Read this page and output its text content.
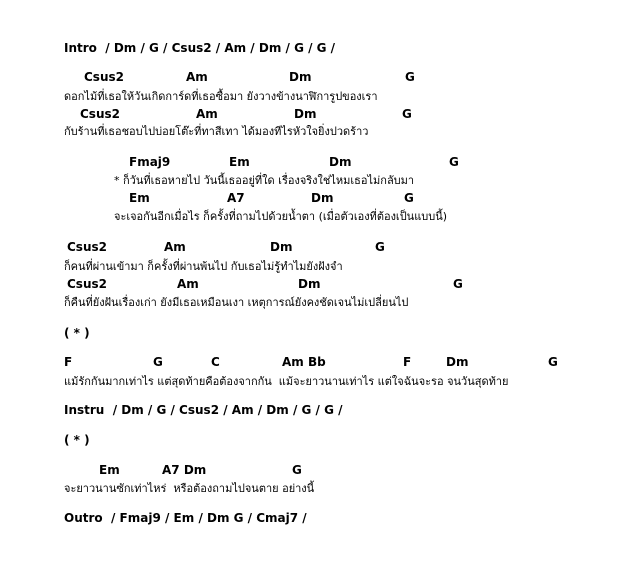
Intro  / Dm / G / Csus2 / Am / Dm / G / G /
Csus2	Am	Dm	G
ดอกไม้ที่เธอให้วันเกิดการ์ดที่เธอซื้อมา ยังวางข้างนาฬิการูปของเรา
Csus2	Am	Dm	G
กับร้านที่เธอชอบไปบ่อยโต๊ะที่ทาสีเทา ได้มองทีไรหัวใจยิ่งปวดร้าว
Fmaj9	Em	Dm	G
* ก็วันที่เธอหายไป วันนี้เธออยู่ที่ใด เรื่องจริงใช่ไหมเธอไม่กลับมา
Em	A7	Dm	G
จะเจอกันอีกเมื่อไร ก็ครั้งที่ถามไปด้วยน้ำตา (เมื่อตัวเองที่ต้องเป็นแบบนี้)
Csus2	Am	Dm	G
ก็คนที่ผ่านเข้ามา ก็ครั้งที่ผ่านพ้นไป กับเธอไม่รู้ทำไมยังฝังจำ
Csus2	Am	Dm	G
ก็คืนที่ยังฝันเรื่องเก่า ยังมีเธอเหมือนเงา เหตุการณ์ยังคงชัดเจนไม่เปลี่ยนไป
( * )
F	G	C	Am Bb	F	Dm	G
แม้รักกันมากเท่าไร แต่สุดท้ายคือต้องจากกัน  แม้จะยาวนานเท่าไร แต่ใจฉันจะรอ จนวันสุดท้าย
Instru  / Dm / G / Csus2 / Am / Dm / G / G /
( * )
Em	A7 Dm	G
จะยาวนานซักเท่าไหร่  หรือต้องถามไปจนตาย อย่างนี้
Outro  / Fmaj9 / Em / Dm G / Cmaj7 /
